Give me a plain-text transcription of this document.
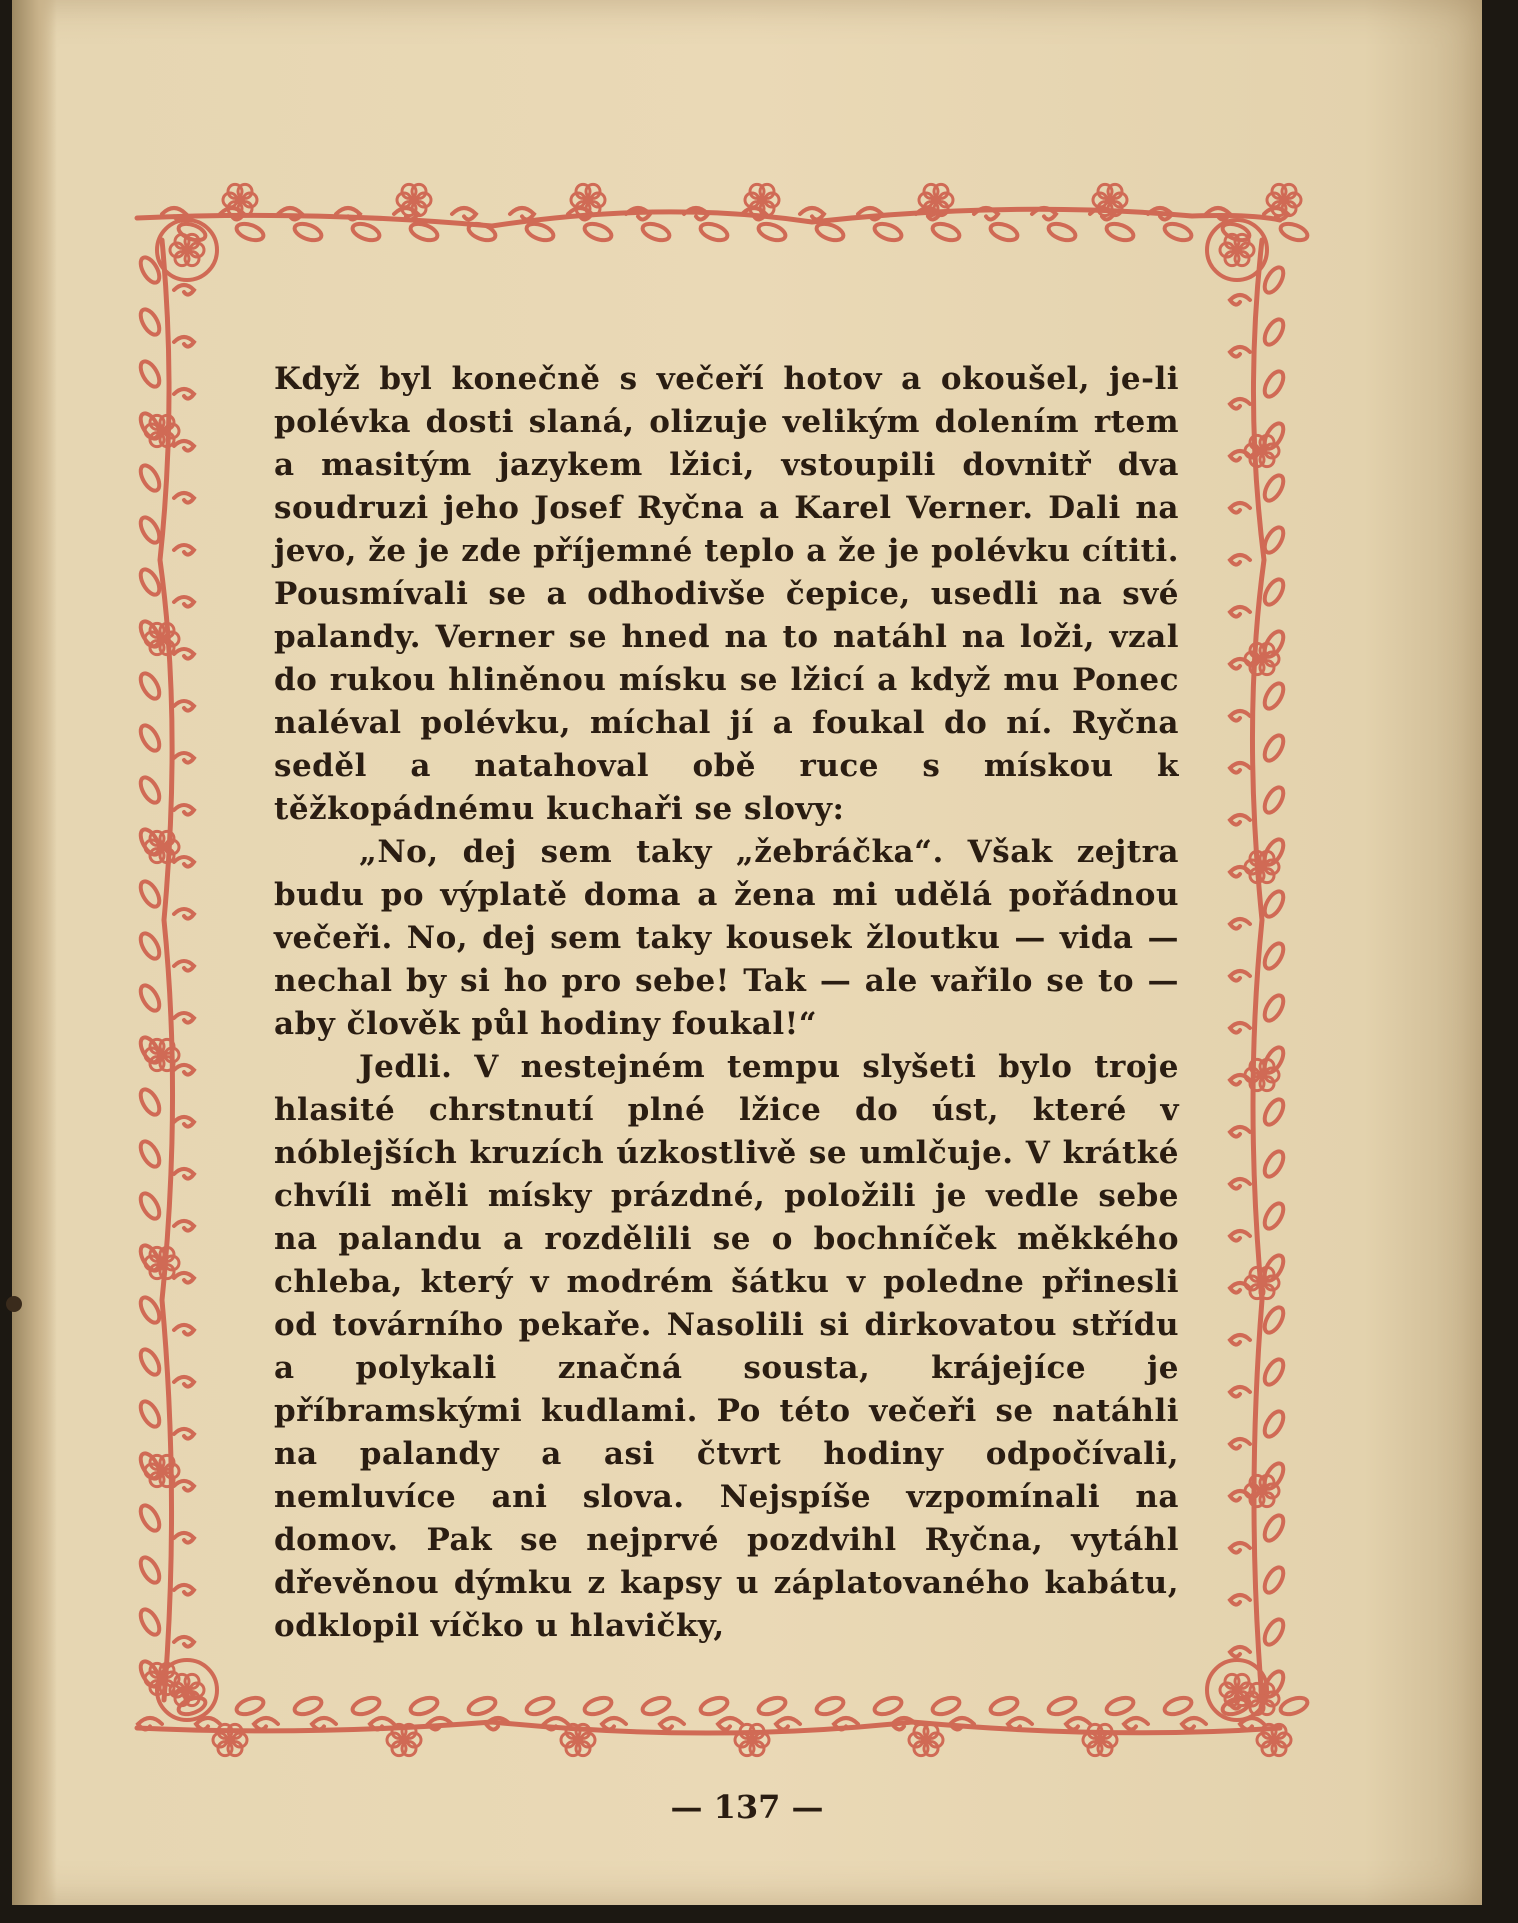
Když byl konečně s večeří hotov a okoušel, je-li polévka dosti slaná, olizuje velikým dolením rtem a masitým jazykem lžici, vstoupili dovnitř dva soudruzi jeho Josef Ryčna a Karel Verner. Dali na jevo, že je zde příjemné teplo a že je polévku cítiti. Pousmívali se a odhodivše čepice, usedli na své palandy. Verner se hned na to natáhl na loži, vzal do rukou hliněnou mísku se lžicí a když mu Ponec naléval polévku, míchal jí a foukal do ní. Ryčna seděl a natahoval obě ruce s mískou k těžkopádnému kuchaři se slovy:

„No, dej sem taky „žebráčka“. Však zejtra budu po výplatě doma a žena mi udělá pořádnou večeři. No, dej sem taky kousek žloutku — vida — nechal by si ho pro sebe! Tak — ale vařilo se to — aby člověk půl hodiny foukal!“

Jedli. V nestejném tempu slyšeti bylo troje hlasité chrstnutí plné lžice do úst, které v nóblejších kruzích úzkostlivě se umlčuje. V krátké chvíli měli mísky prázdné, položili je vedle sebe na palandu a rozdělili se o bochníček měkkého chleba, který v modrém šátku v poledne přinesli od továrního pekaře. Nasolili si dirkovatou střídu a polykali značná sousta, krájejíce je příbramskými kudlami. Po této večeři se natáhli na palandy a asi čtvrt hodiny odpočívali, nemluvíce ani slova. Nejspíše vzpomínali na domov. Pak se nejprvé pozdvihl Ryčna, vytáhl dřevěnou dýmku z kapsy u záplatovaného kabátu, odklopil víčko u hlavičky,

— 137 —
